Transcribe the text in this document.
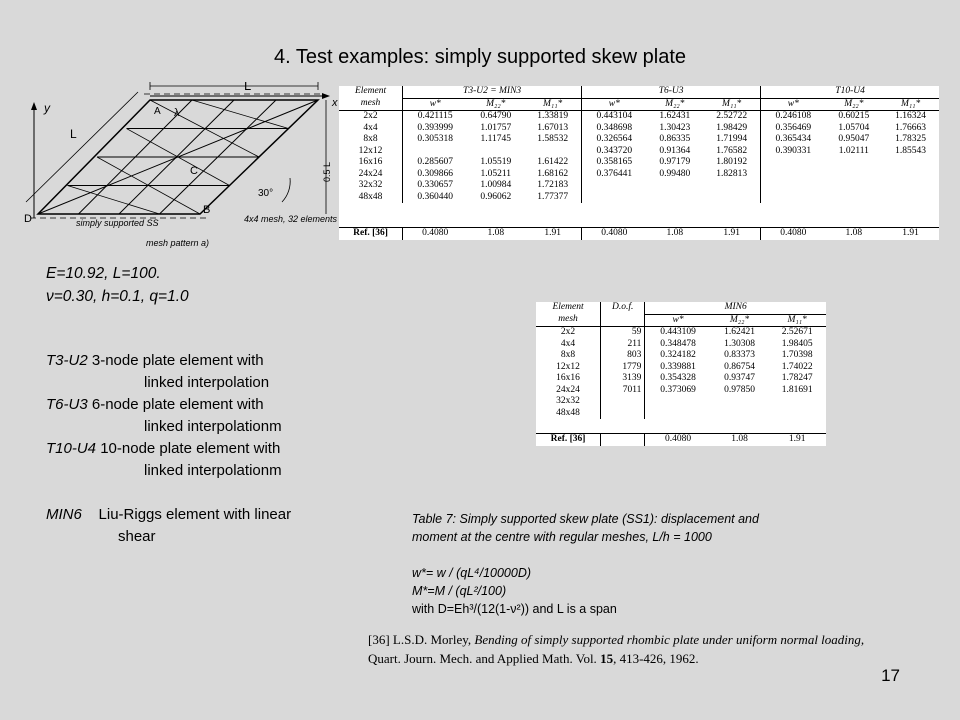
4. Test examples: simply supported skew plate
L
L
y	x
A λ
B
C
D
30°
0.5 L
simply supported SS	4x4 mesh, 32 elements
mesh pattern a)
Element	T3-U2 = MIN3			T6-U3			T10-U4		
mesh	w*	M₂₂*	M₁₁*	w*	M₂₂*	M₁₁*	w*	M₂₂*	M₁₁*
2x2	0.421115	0.64790	1.33819	0.443104	1.62431	2.52722	0.246108	0.60215	1.16324
4x4	0.393999	1.01757	1.67013	0.348698	1.30423	1.98429	0.356469	1.05704	1.76663
8x8	0.305318	1.11745	1.58532	0.326564	0.86335	1.71994	0.365434	0.95047	1.78325
12x12				0.343720	0.91364	1.76582	0.390331	1.02111	1.85543
16x16	0.285607	1.05519	1.61422	0.358165	0.97179	1.80192			
24x24	0.309866	1.05211	1.68162	0.376441	0.99480	1.82813			
32x32	0.330657	1.00984	1.72183						
48x48	0.360440	0.96062	1.77377						

Ref. [36]	0.4080	1.08	1.91	0.4080	1.08	1.91	0.4080	1.08	1.91
Element	D.o.f.	MIN6		
mesh		w*	M₂₂*	M₁₁*
2x2	59	0.443109	1.62421	2.52671
4x4	211	0.348478	1.30308	1.98405
8x8	803	0.324182	0.83373	1.70398
12x12	1779	0.339881	0.86754	1.74022
16x16	3139	0.354328	0.93747	1.78247
24x24	7011	0.373069	0.97850	1.81691
32x32				
48x48				

Ref. [36]		0.4080	1.08	1.91
E=10.92, L=100.
ν=0.30, h=0.1, q=1.0
T3-U2 3-node plate element with
linked interpolation
T6-U3 6-node plate element with
linked interpolationm
T10-U4 10-node plate element with
linked interpolationm
MIN6 Liu-Riggs element with linear
shear
Table 7: Simply supported skew plate (SS1): displacement and
moment at the centre with regular meshes, L/h = 1000
w*= w / (qL⁴/10000D)
M*=M / (qL²/100)
with D=Eh³/(12(1-ν²)) and L is a span
[36] L.S.D. Morley, Bending of simply supported rhombic plate under uniform normal loading,
Quart. Journ. Mech. and Applied Math. Vol. 15, 413-426, 1962.
17
